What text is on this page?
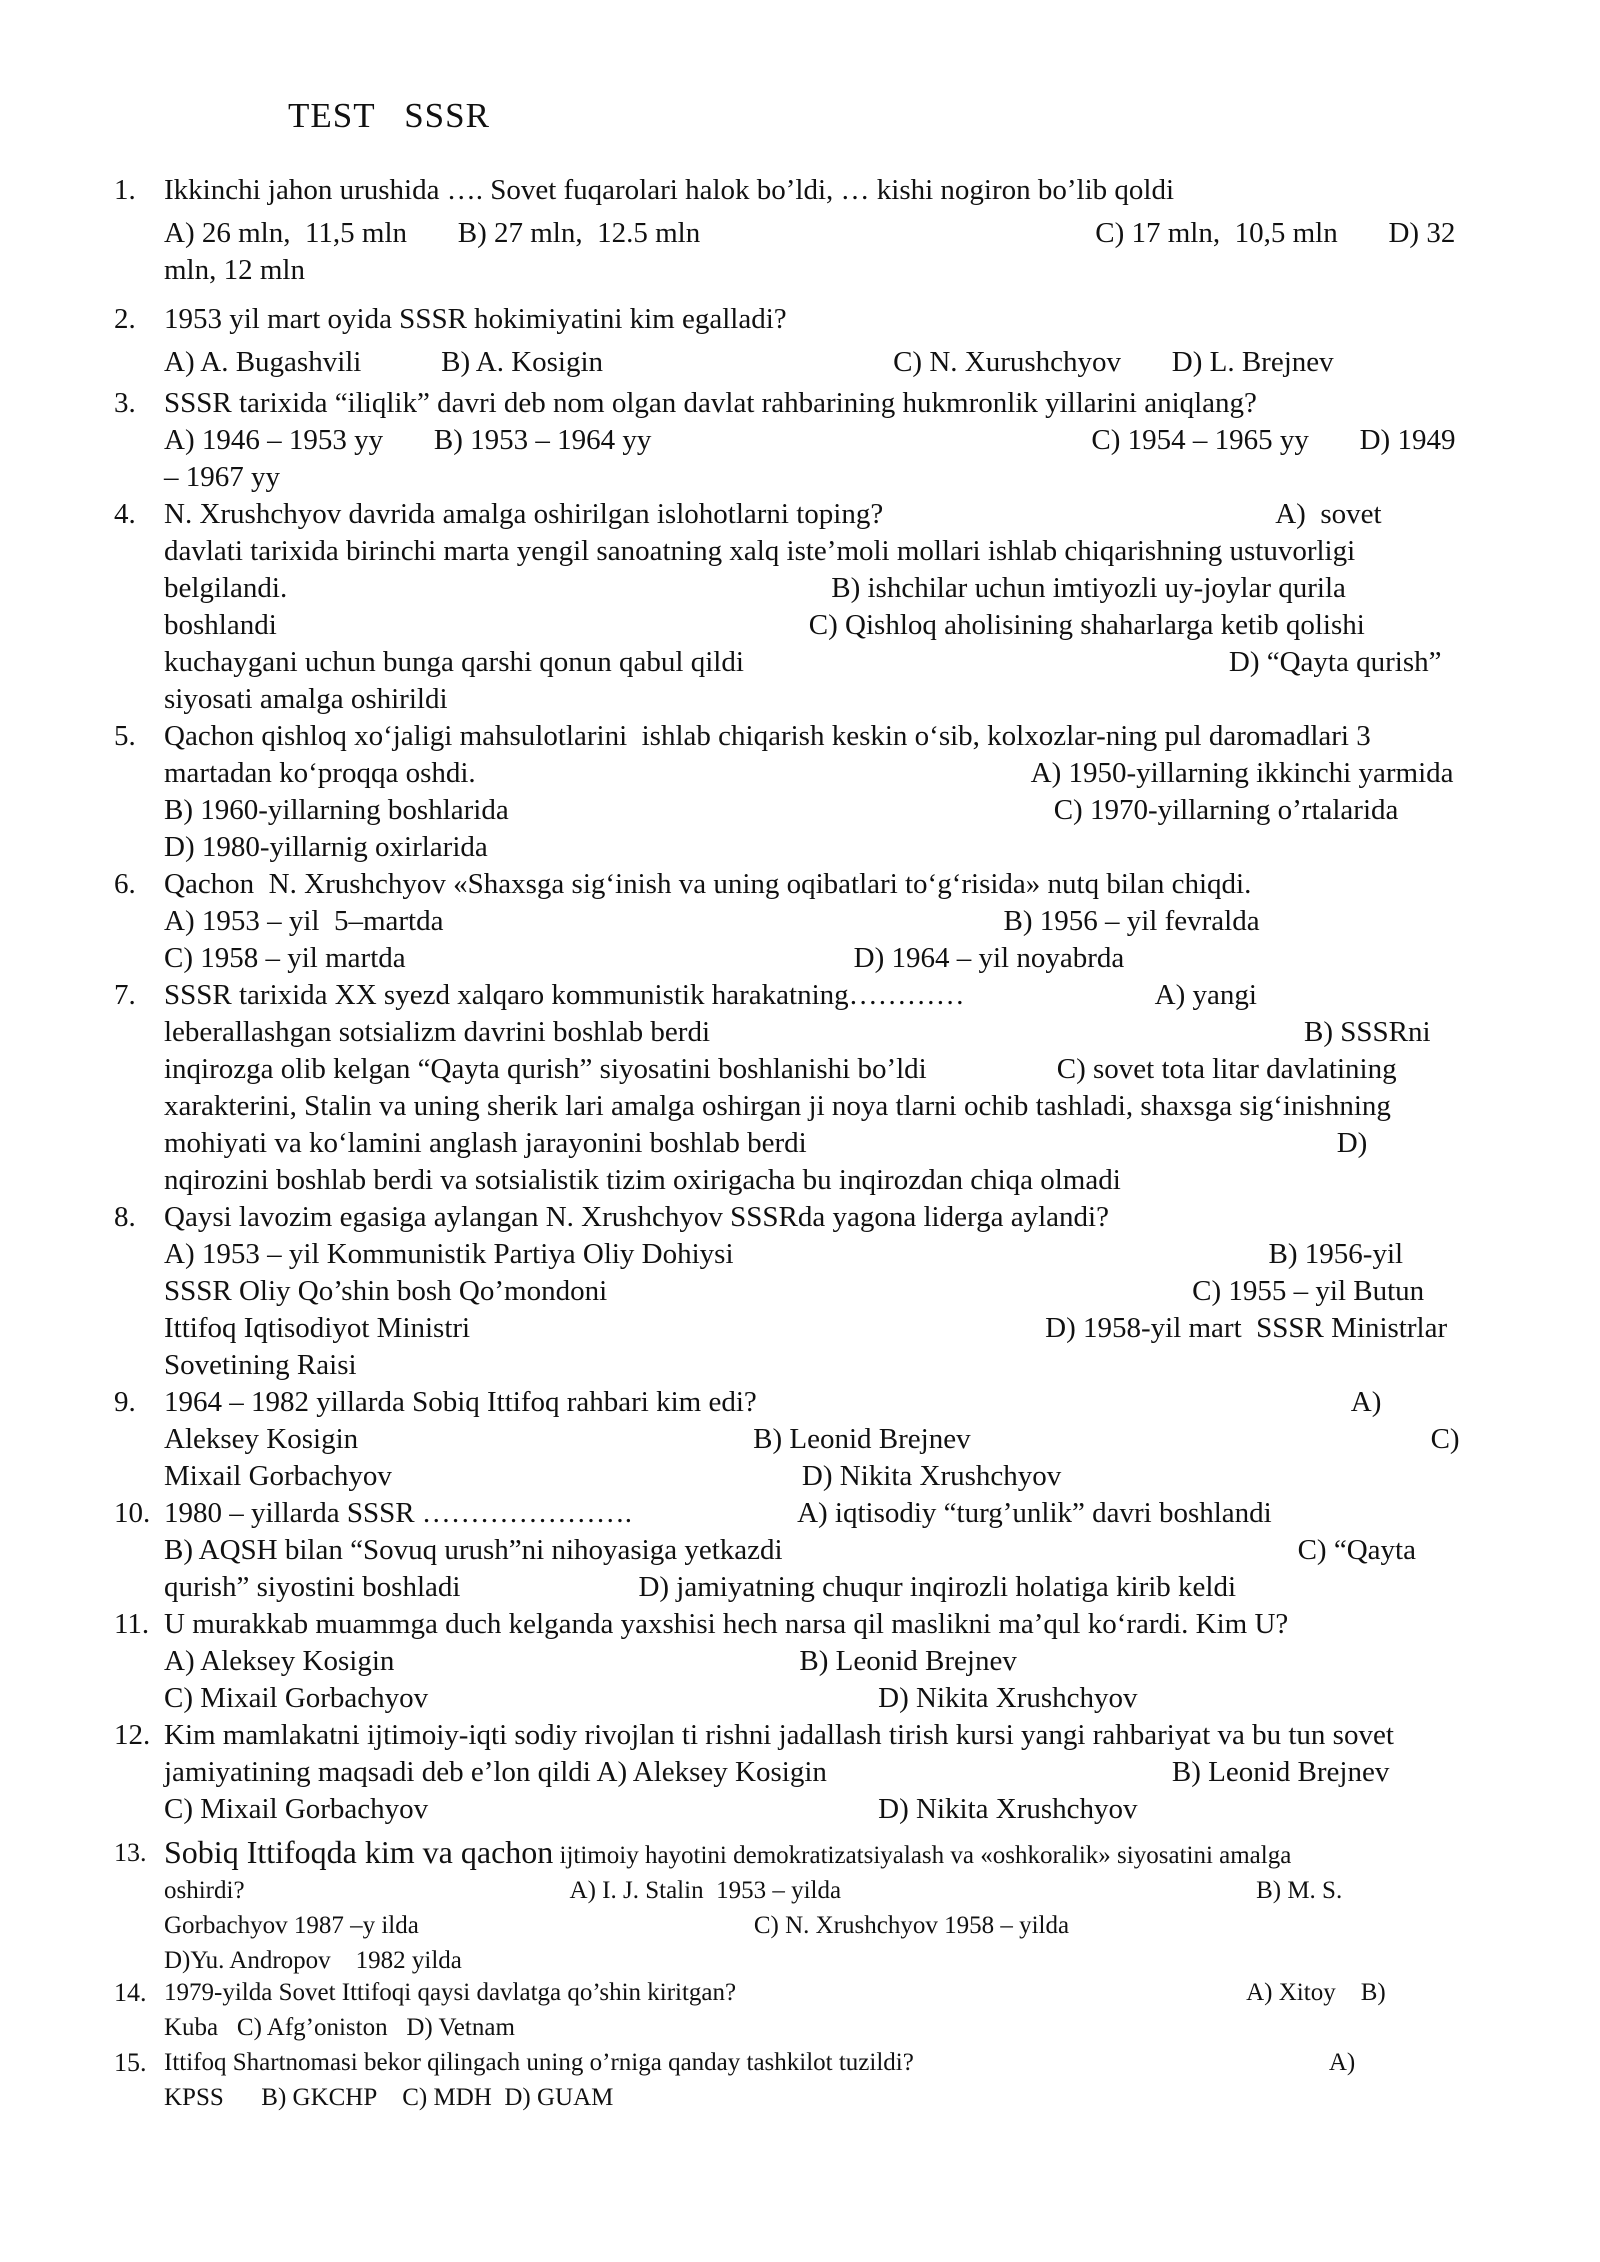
TEST   SSSR
1. Ikkinchi jahon urushida …. Sovet fuqarolari halok bo’ldi, … kishi nogiron bo’lib qoldi
A) 26 mln,  11,5 mln       B) 27 mln,  12.5 mln	C) 17 mln,  10,5 mln       D) 32
mln, 12 mln
2. 1953 yil mart oyida SSSR hokimiyatini kim egalladi?
A) A. Bugashvili           B) A. Kosigin	C) N. Xurushchyov       D) L. Brejnev
3. SSSR tarixida “iliqlik” davri deb nom olgan davlat rahbarining hukmronlik yillarini aniqlang?
A) 1946 – 1953 yy       B) 1953 – 1964 yy	C) 1954 – 1965 yy       D) 1949
– 1967 yy
4. N. Xrushchyov davrida amalga oshirilgan islohotlarni toping?	A)  sovet
davlati tarixida birinchi marta yengil sanoatning xalq iste’moli mollari ishlab chiqarishning ustuvorligi
belgilandi.	B) ishchilar uchun imtiyozli uy-joylar qurila
boshlandi	C) Qishloq aholisining shaharlarga ketib qolishi
kuchaygani uchun bunga qarshi qonun qabul qildi	D) “Qayta qurish”
siyosati amalga oshirildi
5. Qachon qishloq xo‘jaligi mahsulotlarini  ishlab chiqarish keskin o‘sib, kolxozlar-ning pul daromadlari 3
martadan ko‘proqqa oshdi.	A) 1950-yillarning ikkinchi yarmida
B) 1960-yillarning boshlarida	C) 1970-yillarning o’rtalarida
D) 1980-yillarnig oxirlarida
6. Qachon  N. Xrushchyov «Shaxsga sig‘inish va uning oqibatlari to‘g‘risida» nutq bilan chiqdi.
A) 1953 – yil  5–martda	B) 1956 – yil fevralda
C) 1958 – yil martda	D) 1964 – yil noyabrda
7. SSSR tarixida XX syezd xalqaro kommunistik harakatning…………	A) yangi
leberallashgan sotsializm davrini boshlab berdi	B) SSSRni
inqirozga olib kelgan “Qayta qurish” siyosatini boshlanishi bo’ldi	C) sovet tota litar davlatining
xarakterini, Stalin va uning sherik lari amalga oshirgan ji noya tlarni ochib tashladi, shaxsga sig‘inishning
mohiyati va ko‘lamini anglash jarayonini boshlab berdi	D)
nqirozini boshlab berdi va sotsialistik tizim oxirigacha bu inqirozdan chiqa olmadi
8. Qaysi lavozim egasiga aylangan N. Xrushchyov SSSRda yagona liderga aylandi?
A) 1953 – yil Kommunistik Partiya Oliy Dohiysi	B) 1956-yil
SSSR Oliy Qo’shin bosh Qo’mondoni	C) 1955 – yil Butun
Ittifoq Iqtisodiyot Ministri	D) 1958-yil mart  SSSR Ministrlar
Sovetining Raisi
9. 1964 – 1982 yillarda Sobiq Ittifoq rahbari kim edi?	A)
Aleksey Kosigin	B) Leonid Brejnev	C)
Mixail Gorbachyov	D) Nikita Xrushchyov
10. 1980 – yillarda SSSR ………………….	A) iqtisodiy “turg’unlik” davri boshlandi
B) AQSH bilan “Sovuq urush”ni nihoyasiga yetkazdi	C) “Qayta
qurish” siyostini boshladi	D) jamiyatning chuqur inqirozli holatiga kirib keldi
11. U murakkab muammga duch kelganda yaxshisi hech narsa qil maslikni ma’qul ko‘rardi. Kim U?
A) Aleksey Kosigin	B) Leonid Brejnev
C) Mixail Gorbachyov	D) Nikita Xrushchyov
12. Kim mamlakatni ijtimoiy-iqti sodiy rivojlan ti rishni jadallash tirish kursi yangi rahbariyat va bu tun sovet
jamiyatining maqsadi deb e’lon qildi A) Aleksey Kosigin	B) Leonid Brejnev
C) Mixail Gorbachyov	D) Nikita Xrushchyov
13. Sobiq Ittifoqda kim va qachon ijtimoiy hayotini demokratizatsiyalash va «oshkoralik» siyosatini amalga
oshirdi?	A) I. J. Stalin  1953 – yilda	B) M. S.
Gorbachyov 1987 –y ilda	C) N. Xrushchyov 1958 – yilda
D)Yu. Andropov    1982 yilda
14. 1979-yilda Sovet Ittifoqi qaysi davlatga qo’shin kiritgan?	A) Xitoy    B)
Kuba   C) Afg’oniston   D) Vetnam
15. Ittifoq Shartnomasi bekor qilingach uning o’rniga qanday tashkilot tuzildi?	A)
KPSS      B) GKCHP    C) MDH  D) GUAM
